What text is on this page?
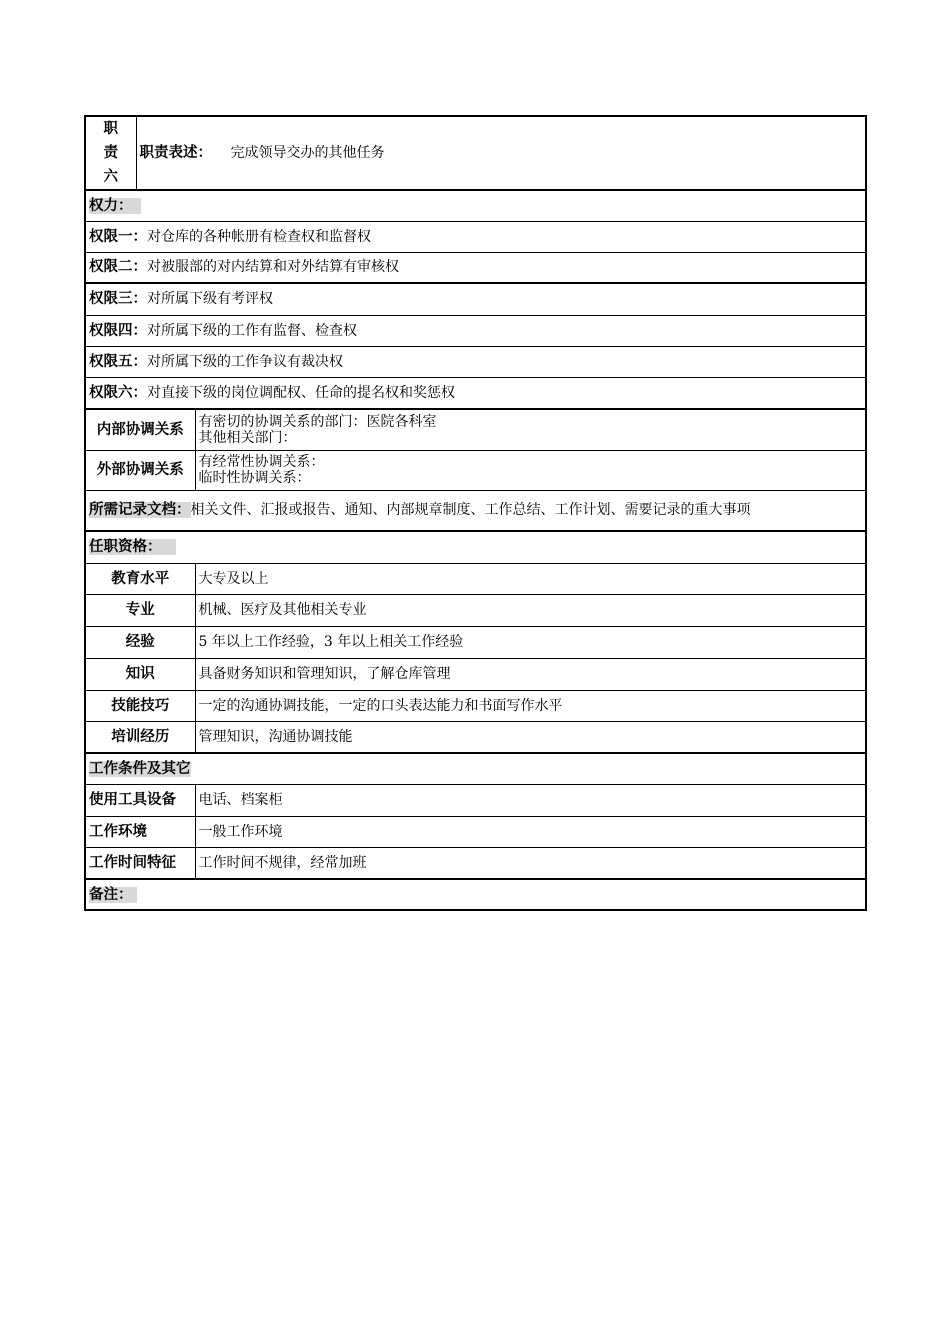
职
责
六	职责表述： 完成领导交办的其他任务	
权力：		
权限一：对仓库的各种帐册有检查权和监督权		
权限二：对被服部的对内结算和对外结算有审核权		
权限三：对所属下级有考评权		
权限四：对所属下级的工作有监督、检查权		
权限五：对所属下级的工作争议有裁决权		
权限六：对直接下级的岗位调配权、任命的提名权和奖惩权		
内部协调关系		有密切的协调关系的部门：医院各科室
其他相关部门：

外部协调关系		有经常性协调关系：
临时性协调关系：

所需记录文档：相关文件、汇报或报告、通知、内部规章制度、工作总结、工作计划、需要记录的重大事项		
任职资格：		
教育水平		大专及以上
专业		机械、医疗及其他相关专业
经验		5 年以上工作经验，3 年以上相关工作经验
知识		具备财务知识和管理知识，了解仓库管理
技能技巧		一定的沟通协调技能，一定的口头表达能力和书面写作水平
培训经历		管理知识，沟通协调技能
工作条件及其它		
使用工具设备		电话、档案柜
工作环境		一般工作环境
工作时间特征		工作时间不规律，经常加班
备注：		
